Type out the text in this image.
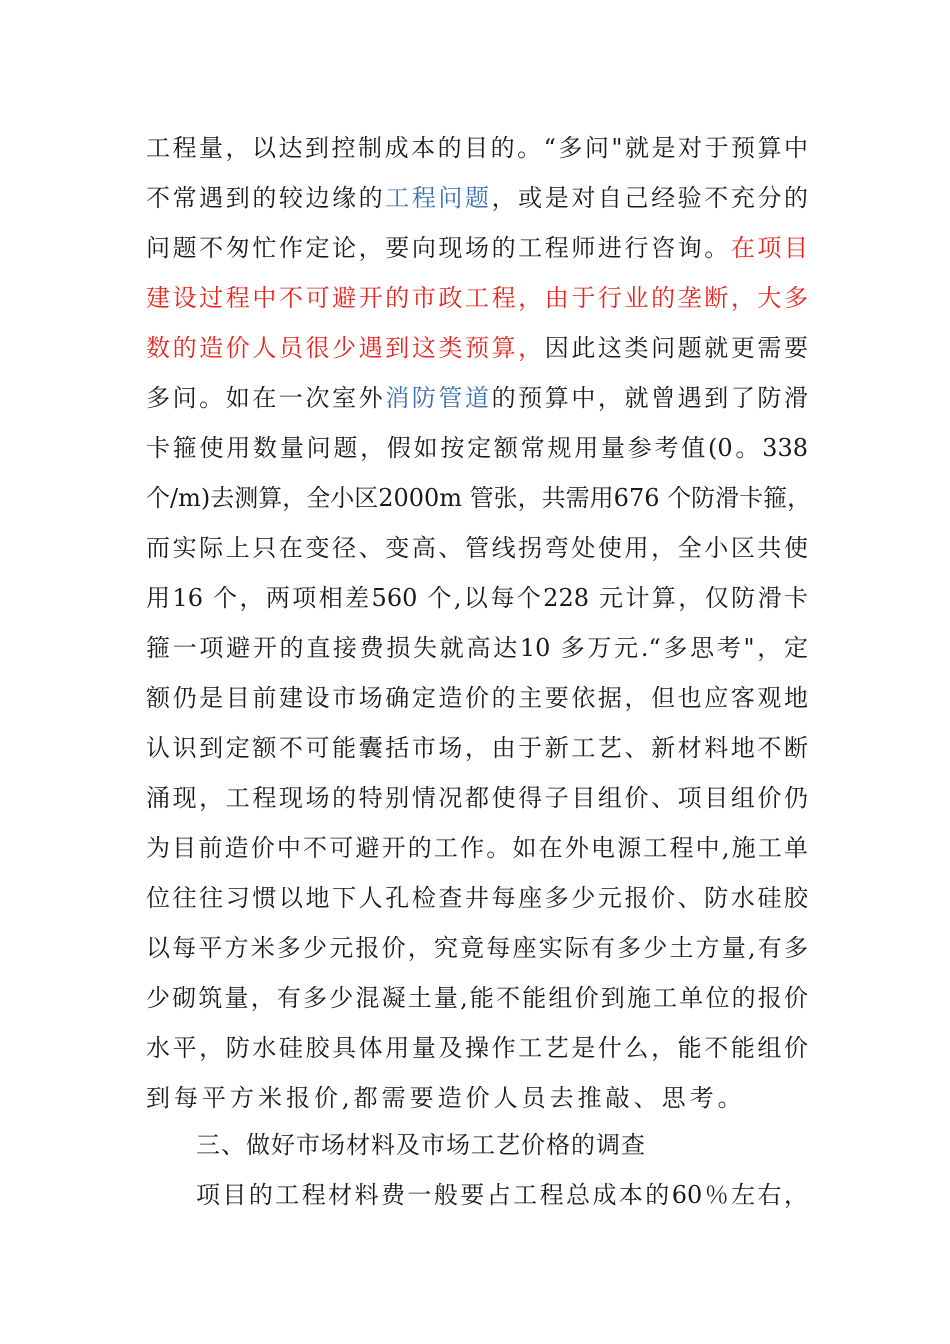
工程量，以达到控制成本的目的。“多问"就是对于预算中
不常遇到的较边缘的工程问题，或是对自己经验不充分的
问题不匆忙作定论，要向现场的工程师进行咨询。在项目
建设过程中不可避开的市政工程，由于行业的垄断，大多
数的造价人员很少遇到这类预算，因此这类问题就更需要
多问。如在一次室外消防管道的预算中，就曾遇到了防滑
卡箍使用数量问题，假如按定额常规用量参考值(0。338
个/m)去测算，全小区2000m 管张，共需用676 个防滑卡箍，
而实际上只在变径、变高、管线拐弯处使用，全小区共使
用16 个，两项相差560 个,以每个228 元计算，仅防滑卡
箍一项避开的直接费损失就高达10 多万元.“多思考"，定
额仍是目前建设市场确定造价的主要依据，但也应客观地
认识到定额不可能囊括市场，由于新工艺、新材料地不断
涌现，工程现场的特别情况都使得子目组价、项目组价仍
为目前造价中不可避开的工作。如在外电源工程中,施工单
位往往习惯以地下人孔检查井每座多少元报价、防水硅胶
以每平方米多少元报价，究竟每座实际有多少土方量,有多
少砌筑量，有多少混凝土量,能不能组价到施工单位的报价
水平，防水硅胶具体用量及操作工艺是什么，能不能组价
到每平方米报价,都需要造价人员去推敲、思考。
三、做好市场材料及市场工艺价格的调查
项目的工程材料费一般要占工程总成本的60％左右，
